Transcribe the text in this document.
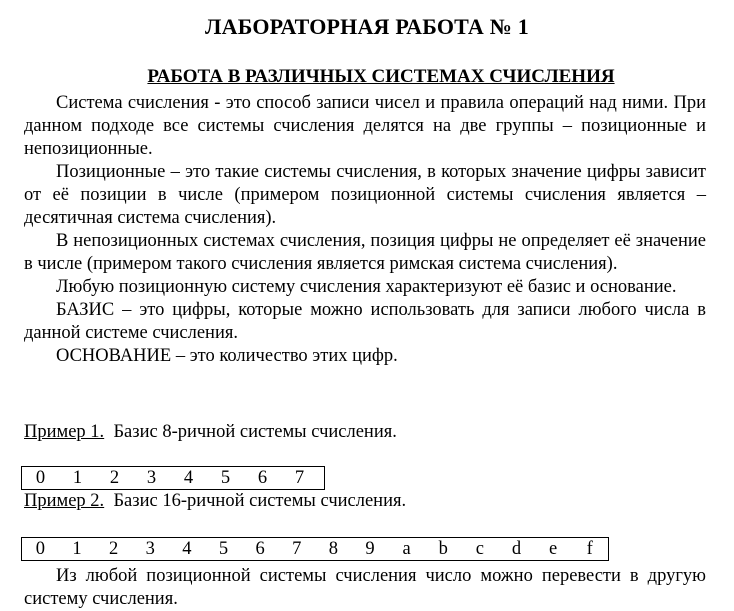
ЛАБОРАТОРНАЯ РАБОТА № 1
РАБОТА В РАЗЛИЧНЫХ СИСТЕМАХ СЧИСЛЕНИЯ

Система счисления - это способ записи чисел и правила операций над ними. При данном подходе все системы счисления делятся на две группы – позиционные и непозиционные.

Позиционные – это такие системы счисления, в которых значение цифры зависит от её позиции в числе (примером позиционной системы счисления является – десятичная система счисления).

В непозиционных системах счисления, позиция цифры не определяет её значение в числе (примером такого счисления является римская система счисления).

Любую позиционную систему счисления характеризуют её базис и основание.

БАЗИС – это цифры, которые можно использовать для записи любого числа в данной системе счисления.

ОСНОВАНИЕ – это количество этих цифр.

Пример 1. Базис 8-ричной системы счисления.
0	1	2	3	4	5	6	7
Пример 2. Базис 16-ричной системы счисления.
0	1	2	3	4	5	6	7	8	9	a	b	c	d	e	f

Из любой позиционной системы счисления число можно перевести в другую систему счисления.
